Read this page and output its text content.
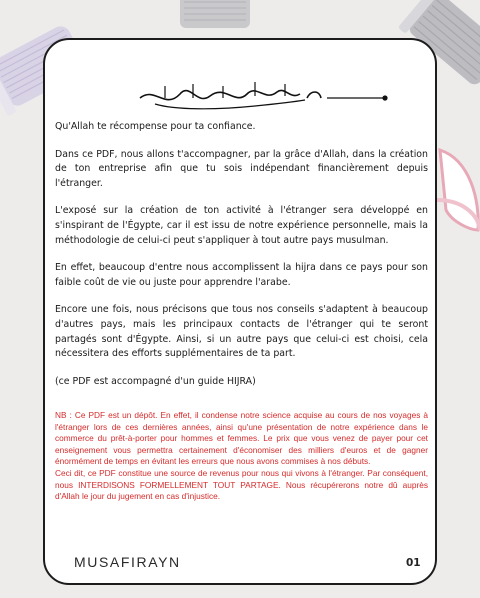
Qu'Allah te récompense pour ta confiance.

Dans ce PDF, nous allons t'accompagner, par la grâce d'Allah, dans la création de ton entreprise afin que tu sois indépendant financièrement depuis l'étranger.

L'exposé sur la création de ton activité à l'étranger sera développé en s'inspirant de l'Égypte, car il est issu de notre expérience personnelle, mais la méthodologie de celui-ci peut s'appliquer à tout autre pays musulman.

En effet, beaucoup d'entre nous accomplissent la hijra dans ce pays pour son faible coût de vie ou juste pour apprendre l'arabe.

Encore une fois, nous précisons que tous nos conseils s'adaptent à beaucoup d'autres pays, mais les principaux contacts de l'étranger qui te seront partagés sont d'Égypte. Ainsi, si un autre pays que celui-ci est choisi, cela nécessitera des efforts supplémentaires de ta part.

(ce PDF est accompagné d'un guide HIJRA)

NB : Ce PDF est un dépôt. En effet, il condense notre science acquise au cours de nos voyages à l'étranger lors de ces dernières années, ainsi qu'une présentation de notre expérience dans le commerce du prêt-à-porter pour hommes et femmes. Le prix que vous venez de payer pour cet enseignement vous permettra certainement d'économiser des milliers d'euros et de gagner énormément de temps en évitant les erreurs que nous avons commises à nos débuts.

Ceci dit, ce PDF constitue une source de revenus pour nous qui vivons à l'étranger. Par conséquent, nous INTERDISONS FORMELLEMENT TOUT PARTAGE. Nous récupérerons notre dû auprès d'Allah le jour du jugement en cas d'injustice.

MUSAFIRAYN	01
